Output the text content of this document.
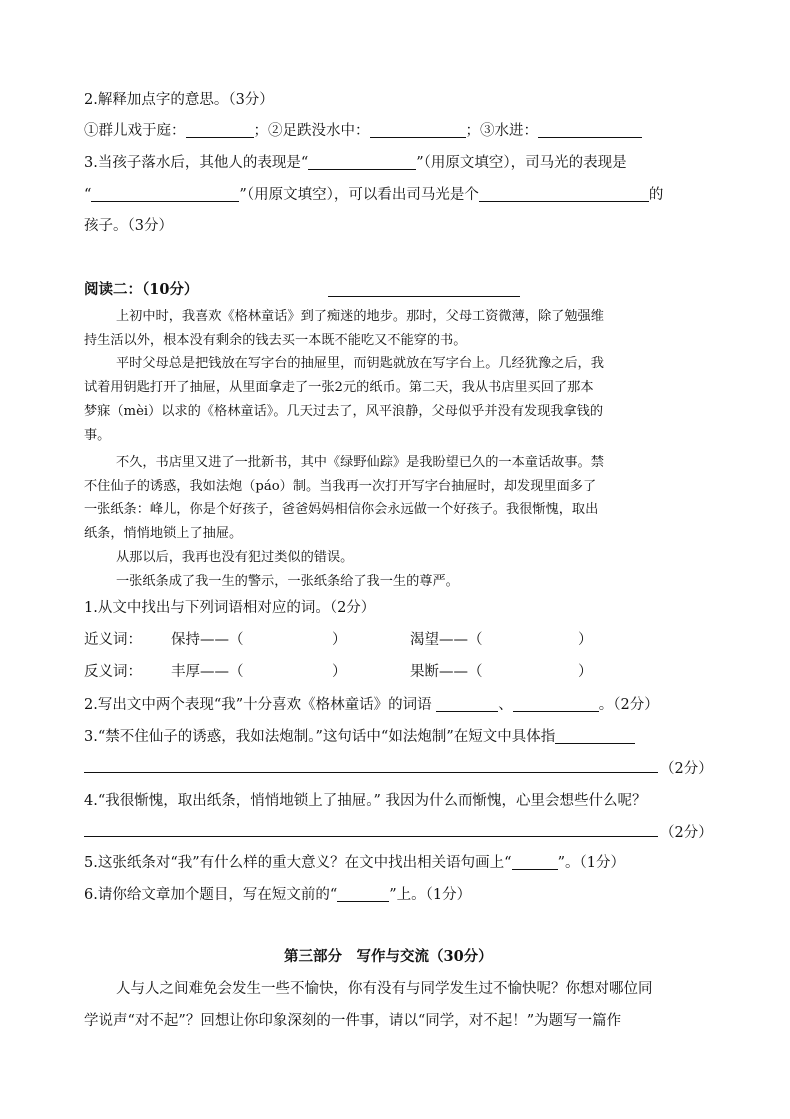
2.解释加点字的意思。（3分）
①群儿戏于庭：	；②足跌没水中：	；③水进：
3.当孩子落水后，其他人的表现是“	”（用原文填空），司马光的表现是
“	”（用原文填空），可以看出司马光是个	的
孩子。（3分）
阅读二：（10分）
上初中时，我喜欢《格林童话》到了痴迷的地步。那时，父母工资微薄，除了勉强维
持生活以外，根本没有剩余的钱去买一本既不能吃又不能穿的书。
平时父母总是把钱放在写字台的抽屉里，而钥匙就放在写字台上。几经犹豫之后，我
试着用钥匙打开了抽屉，从里面拿走了一张2元的纸币。第二天，我从书店里买回了那本
梦寐（mèi）以求的《格林童话》。几天过去了，风平浪静，父母似乎并没有发现我拿钱的
事。
不久，书店里又进了一批新书，其中《绿野仙踪》是我盼望已久的一本童话故事。禁
不住仙子的诱惑，我如法炮（páo）制。当我再一次打开写字台抽屉时，却发现里面多了
一张纸条：峰儿，你是个好孩子，爸爸妈妈相信你会永远做一个好孩子。我很惭愧，取出
纸条，悄悄地锁上了抽屉。
从那以后，我再也没有犯过类似的错误。
一张纸条成了我一生的警示，一张纸条给了我一生的尊严。
1.从文中找出与下列词语相对应的词。（2分）
近义词： 保持——（	）	渴望——（	）
反义词： 丰厚——（	）	果断——（	）
2.写出文中两个表现“我”十分喜欢《格林童话》的词语	、	。（2分）
3.“禁不住仙子的诱惑，我如法炮制。”这句话中“如法炮制”在短文中具体指
（2分）
4.“我很惭愧，取出纸条，悄悄地锁上了抽屉。” 我因为什么而惭愧，心里会想些什么呢？
（2分）
5.这张纸条对“我”有什么样的重大意义？在文中找出相关语句画上“	”。（1分）
6.请你给文章加个题目，写在短文前的“	”上。（1分）
第三部分　写作与交流（30分）
人与人之间难免会发生一些不愉快，你有没有与同学发生过不愉快呢？你想对哪位同
学说声“对不起”？回想让你印象深刻的一件事，请以“同学，对不起！”为题写一篇作
